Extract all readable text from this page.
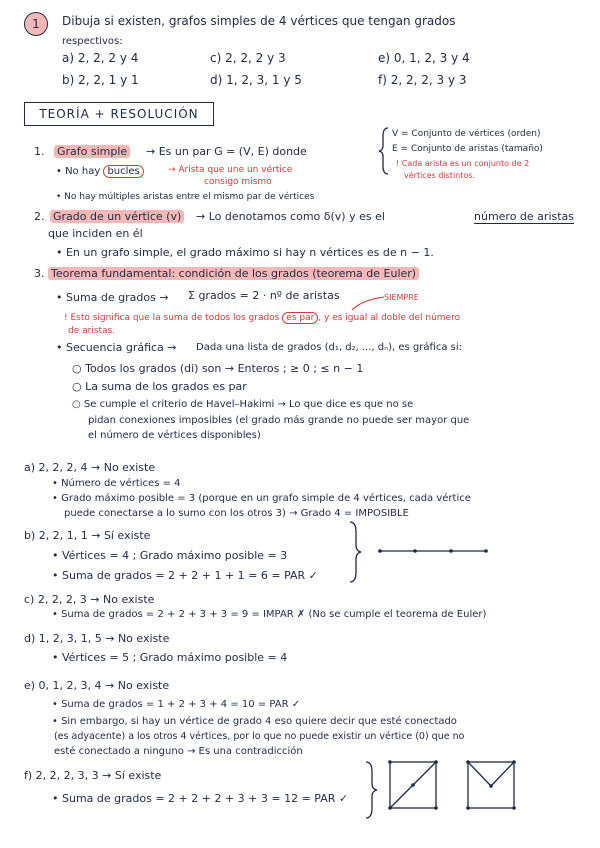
1	Dibuja si existen, grafos simples de 4 vértices que tengan grados
respectivos:
a) 2, 2, 2 y 4	c) 2, 2, 2 y 3	e) 0, 1, 2, 3 y 4
b) 2, 2, 1 y 1	d) 1, 2, 3, 1 y 5	f) 2, 2, 2, 3 y 3
TEORÍA + RESOLUCIÓN
1. Grafo simple → Es un par G = (V, E) donde
V = Conjunto de vértices (orden)
E = Conjunto de aristas (tamaño)
! Cada arista es un conjunto de 2
vértices distintos.
• No hay bucles	→ Arista que une un vértice
consigo mismo
• No hay múltiples aristas entre el mismo par de vértices
2. Grado de un vértice (v) → Lo denotamos como δ(v) y es el	número de aristas
que inciden en él
• En un grafo simple, el grado máximo si hay n vértices es de n − 1.
3. Teorema fundamental: condición de los grados (teorema de Euler)
• Suma de grados → Σ grados = 2 · nº de aristas	SIEMPRE
! Esto significa que la suma de todos los grados es par , y es igual al doble del número
de aristas.
• Secuencia gráfica → Dada una lista de grados (d₁, d₂, ..., dₙ), es gráfica si:
○ Todos los grados (di) son → Enteros ; ≥ 0 ; ≤ n − 1
○ La suma de los grados es par
○ Se cumple el criterio de Havel–Hakimi → Lo que dice es que no se
pidan conexiones imposibles (el grado más grande no puede ser mayor que
el número de vértices disponibles)
a) 2, 2, 2, 4 → No existe
• Número de vértices = 4
• Grado máximo posible = 3 (porque en un grafo simple de 4 vértices, cada vértice
puede conectarse a lo sumo con los otros 3) → Grado 4 = IMPOSIBLE
b) 2, 2, 1, 1 → Sí existe
• Vértices = 4 ; Grado máximo posible = 3
• Suma de grados = 2 + 2 + 1 + 1 = 6 = PAR ✓
c) 2, 2, 2, 3 → No existe
• Suma de grados = 2 + 2 + 3 + 3 = 9 = IMPAR ✗ (No se cumple el teorema de Euler)
d) 1, 2, 3, 1, 5 → No existe
• Vértices = 5 ; Grado máximo posible = 4
e) 0, 1, 2, 3, 4 → No existe
• Suma de grados = 1 + 2 + 3 + 4 = 10 = PAR ✓
• Sin embargo, si hay un vértice de grado 4 eso quiere decir que esté conectado
(es adyacente) a los otros 4 vértices, por lo que no puede existir un vértice (0) que no
esté conectado a ninguno → Es una contradicción
f) 2, 2, 2, 3, 3 → Sí existe
• Suma de grados = 2 + 2 + 2 + 3 + 3 = 12 = PAR ✓
